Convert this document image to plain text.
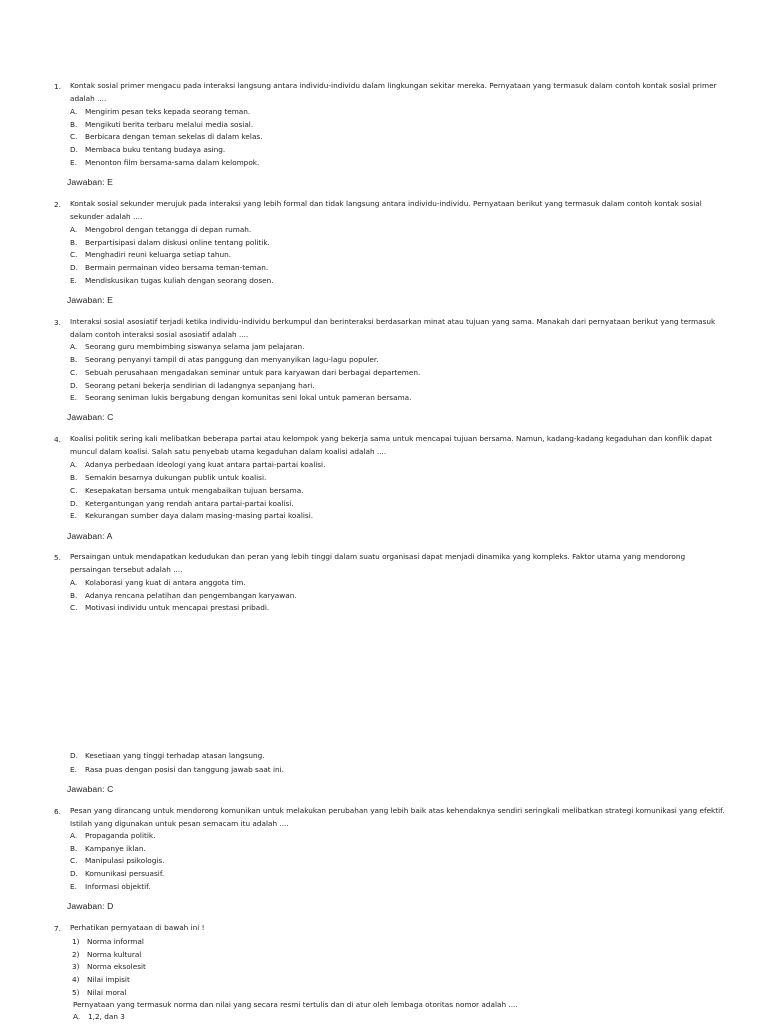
1. Kontak sosial primer mengacu pada interaksi langsung antara individu-individu dalam lingkungan sekitar mereka. Pernyataan yang termasuk dalam contoh kontak sosial primer adalah ....
A. Mengirim pesan teks kepada seorang teman.
B. Mengikuti berita terbaru melalui media sosial.
C. Berbicara dengan teman sekelas di dalam kelas.
D. Membaca buku tentang budaya asing.
E. Menonton film bersama-sama dalam kelompok.
Jawaban: E
2. Kontak sosial sekunder merujuk pada interaksi yang lebih formal dan tidak langsung antara individu-individu. Pernyataan berikut yang termasuk dalam contoh kontak sosial sekunder adalah ....
A. Mengobrol dengan tetangga di depan rumah.
B. Berpartisipasi dalam diskusi online tentang politik.
C. Menghadiri reuni keluarga setiap tahun.
D. Bermain permainan video bersama teman-teman.
E. Mendiskusikan tugas kuliah dengan seorang dosen.
Jawaban: E
3. Interaksi sosial asosiatif terjadi ketika individu-individu berkumpul dan berinteraksi berdasarkan minat atau tujuan yang sama. Manakah dari pernyataan berikut yang termasuk dalam contoh interaksi sosial asosiatif adalah ....
A. Seorang guru membimbing siswanya selama jam pelajaran.
B. Seorang penyanyi tampil di atas panggung dan menyanyikan lagu-lagu populer.
C. Sebuah perusahaan mengadakan seminar untuk para karyawan dari berbagai departemen.
D. Seorang petani bekerja sendirian di ladangnya sepanjang hari.
E. Seorang seniman lukis bergabung dengan komunitas seni lokal untuk pameran bersama.
Jawaban: C
4. Koalisi politik sering kali melibatkan beberapa partai atau kelompok yang bekerja sama untuk mencapai tujuan bersama. Namun, kadang-kadang kegaduhan dan konflik dapat muncul dalam koalisi. Salah satu penyebab utama kegaduhan dalam koalisi adalah ....
A. Adanya perbedaan ideologi yang kuat antara partai-partai koalisi.
B. Semakin besarnya dukungan publik untuk koalisi.
C. Kesepakatan bersama untuk mengabaikan tujuan bersama.
D. Ketergantungan yang rendah antara partai-partai koalisi.
E. Kekurangan sumber daya dalam masing-masing partai koalisi.
Jawaban: A
5. Persaingan untuk mendapatkan kedudukan dan peran yang lebih tinggi dalam suatu organisasi dapat menjadi dinamika yang kompleks. Faktor utama yang mendorong persaingan tersebut adalah ....
A. Kolaborasi yang kuat di antara anggota tim.
B. Adanya rencana pelatihan dan pengembangan karyawan.
C. Motivasi individu untuk mencapai prestasi pribadi.
D. Kesetiaan yang tinggi terhadap atasan langsung.
E. Rasa puas dengan posisi dan tanggung jawab saat ini.
Jawaban: C
6. Pesan yang dirancang untuk mendorong komunikan untuk melakukan perubahan yang lebih baik atas kehendaknya sendiri seringkali melibatkan strategi komunikasi yang efektif. Istilah yang digunakan untuk pesan semacam itu adalah ....
A. Propaganda politik.
B. Kampanye iklan.
C. Manipulasi psikologis.
D. Komunikasi persuasif.
E. Informasi objektif.
Jawaban: D
7. Perhatikan pernyataan di bawah ini !
1) Norma informal
2) Norma kultural
3) Norma eksolesit
4) Nilai impisit
5) Nilai moral
Pernyataan yang termasuk norma dan nilai yang secara resmi tertulis dan di atur oleh lembaga otoritas nomor adalah ....
A. 1,2, dan 3
